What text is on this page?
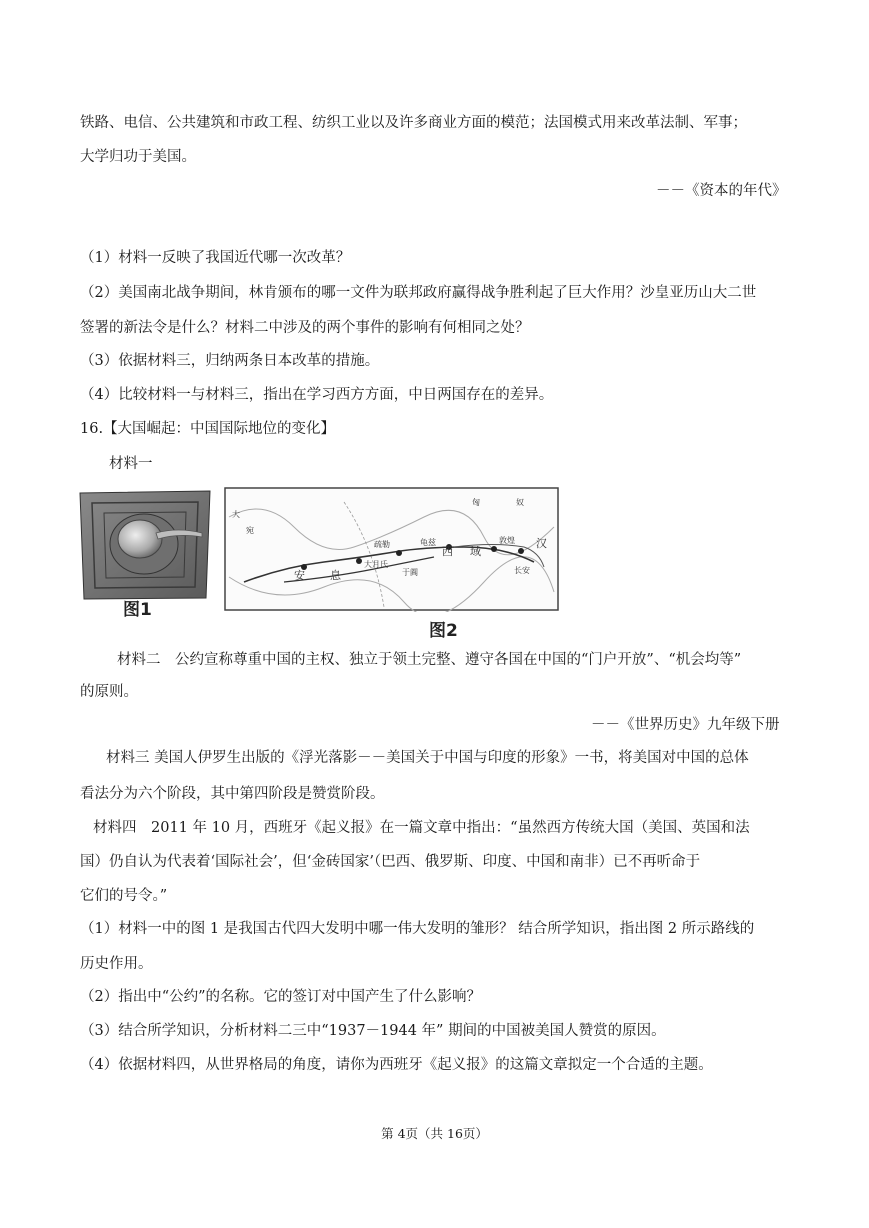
铁路、电信、公共建筑和市政工程、纺织工业以及许多商业方面的模范；法国模式用来改革法制、军事；
大学归功于美国。
－－《资本的年代》
（1）材料一反映了我国近代哪一次改革？
（2）美国南北战争期间，林肯颁布的哪一文件为联邦政府赢得战争胜利起了巨大作用？沙皇亚历山大二世
签署的新法令是什么？材料二中涉及的两个事件的影响有何相同之处？
（3）依据材料三，归纳两条日本改革的措施。
（4）比较材料一与材料三，指出在学习西方方面，中日两国存在的差异。
16.【大国崛起：中国国际地位的变化】
材料一
图1
匈	奴
大
宛
西 域
汉
长安
安 息
敦煌
于阗
大月氏
疏勒	龟兹
图2
材料二　公约宣称尊重中国的主权、独立于领土完整、遵守各国在中国的“门户开放”、“机会均等”
的原则。
－－《世界历史》九年级下册
材料三 美国人伊罗生出版的《浮光落影－－美国关于中国与印度的形象》一书，将美国对中国的总体
看法分为六个阶段，其中第四阶段是赞赏阶段。
材料四　2011 年 10 月，西班牙《起义报》在一篇文章中指出：“虽然西方传统大国（美国、英国和法
国）仍自认为代表着‘国际社会’，但‘金砖国家’（巴西、俄罗斯、印度、中国和南非）已不再听命于
它们的号令。”
（1）材料一中的图 1 是我国古代四大发明中哪一伟大发明的雏形？ 结合所学知识，指出图 2 所示路线的
历史作用。
（2）指出中“公约”的名称。它的签订对中国产生了什么影响？
（3）结合所学知识，分析材料二三中“1937－1944 年” 期间的中国被美国人赞赏的原因。
（4）依据材料四，从世界格局的角度，请你为西班牙《起义报》的这篇文章拟定一个合适的主题。
第 4页（共 16页）
